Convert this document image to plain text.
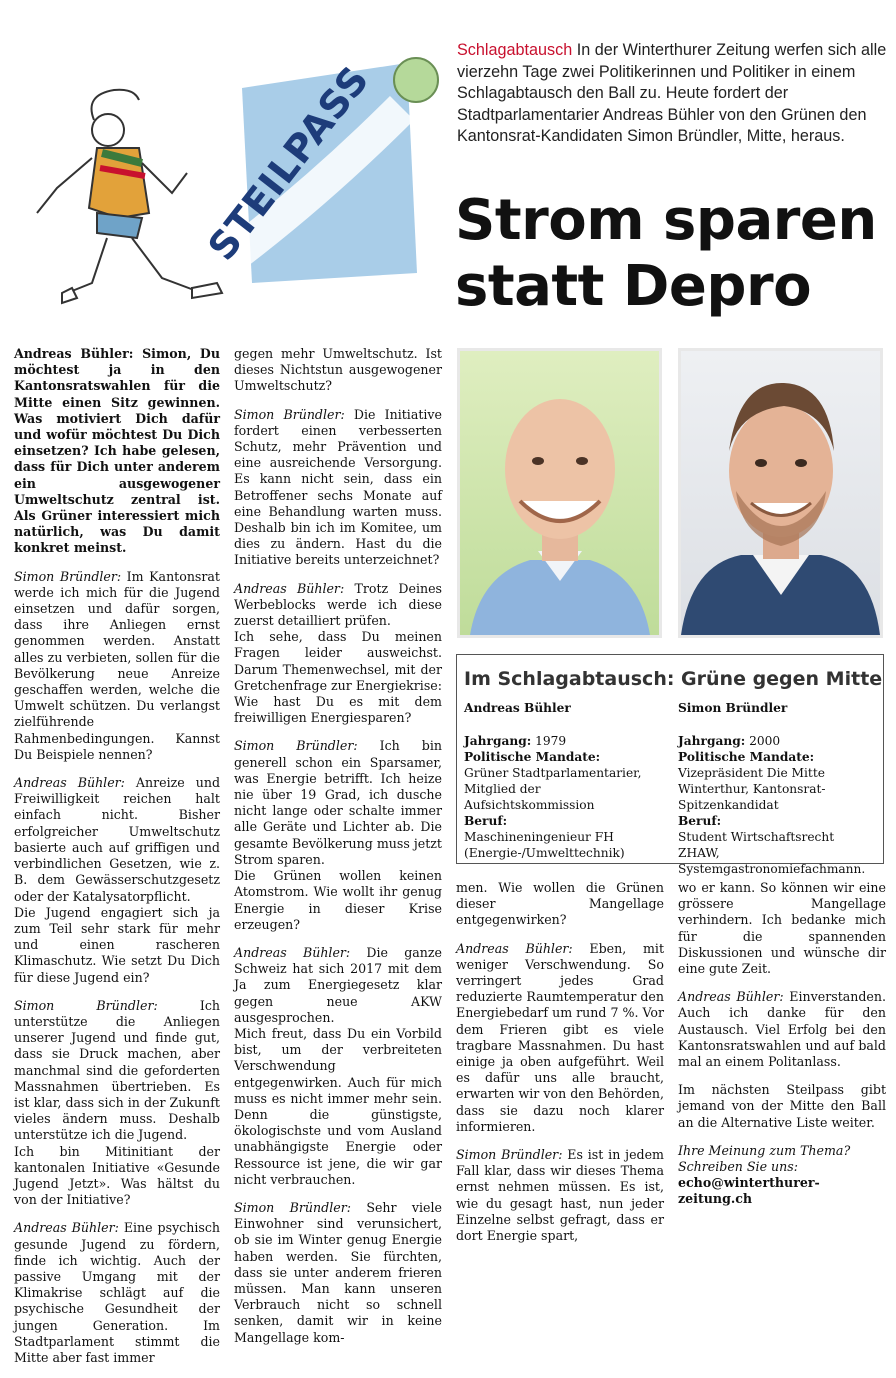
STEILPASS
Schlagabtausch In der Winterthurer Zeitung werfen sich alle vierzehn Tage zwei Politikerinnen und Politiker in einem Schlagabtausch den Ball zu. Heute fordert der Stadtparlamentarier Andreas Bühler von den Grünen den Kantonsrat-Kandidaten Simon Bründler, Mitte, heraus.
Strom sparen
statt Depro

Andreas Bühler: Simon, Du möchtest ja in den Kantonsratswahlen für die Mitte einen Sitz gewinnen. Was motiviert Dich dafür und wofür möchtest Du Dich einsetzen? Ich habe gelesen, dass für Dich unter anderem ein ausgewogener Umweltschutz zentral ist. Als Grüner interessiert mich natürlich, was Du damit konkret meinst.

Simon Bründler: Im Kantonsrat werde ich mich für die Jugend einsetzen und dafür sorgen, dass ihre Anliegen ernst genommen werden. Anstatt alles zu verbieten, sollen für die Bevölkerung neue Anreize geschaffen werden, welche die Umwelt schützen. Du verlangst zielführende Rahmenbedingungen. Kannst Du Beispiele nennen?

Andreas Bühler: Anreize und Freiwilligkeit reichen halt einfach nicht. Bisher erfolgreicher Umweltschutz basierte auch auf griffigen und verbindlichen Gesetzen, wie z. B. dem Gewässerschutzgesetz oder der Katalysatorpflicht.
Die Jugend engagiert sich ja zum Teil sehr stark für mehr und einen rascheren Klimaschutz. Wie setzt Du Dich für diese Jugend ein?

Simon Bründler: Ich unterstütze die Anliegen unserer Jugend und finde gut, dass sie Druck machen, aber manchmal sind die geforderten Massnahmen übertrieben. Es ist klar, dass sich in der Zukunft vieles ändern muss. Deshalb unterstütze ich die Jugend.
Ich bin Mitinitiant der kantonalen Initiative «Gesunde Jugend Jetzt». Was hältst du von der Initiative?

Andreas Bühler: Eine psychisch gesunde Jugend zu fördern, finde ich wichtig. Auch der passive Umgang mit der Klimakrise schlägt auf die psychische Gesundheit der jungen Generation. Im Stadtparlament stimmt die Mitte aber fast immer

gegen mehr Umweltschutz. Ist dieses Nichtstun ausgewogener Umweltschutz?

Simon Bründler: Die Initiative fordert einen verbesserten Schutz, mehr Prävention und eine ausreichende Versorgung. Es kann nicht sein, dass ein Betroffener sechs Monate auf eine Behandlung warten muss. Deshalb bin ich im Komitee, um dies zu ändern. Hast du die Initiative bereits unterzeichnet?

Andreas Bühler: Trotz Deines Werbeblocks werde ich diese zuerst detailliert prüfen.
Ich sehe, dass Du meinen Fragen leider ausweichst. Darum Themenwechsel, mit der Gretchenfrage zur Energiekrise: Wie hast Du es mit dem freiwilligen Energiesparen?

Simon Bründler: Ich bin generell schon ein Sparsamer, was Energie betrifft. Ich heize nie über 19 Grad, ich dusche nicht lange oder schalte immer alle Geräte und Lichter ab. Die gesamte Bevölkerung muss jetzt Strom sparen.
Die Grünen wollen keinen Atomstrom. Wie wollt ihr genug Energie in dieser Krise erzeugen?

Andreas Bühler: Die ganze Schweiz hat sich 2017 mit dem Ja zum Energiegesetz klar gegen neue AKW ausgesprochen.
Mich freut, dass Du ein Vorbild bist, um der verbreiteten Verschwendung entgegenwirken. Auch für mich muss es nicht immer mehr sein. Denn die günstigste, ökologischste und vom Ausland unabhängigste Energie oder Ressource ist jene, die wir gar nicht verbrauchen.

Simon Bründler: Sehr viele Einwohner sind verunsichert, ob sie im Winter genug Energie haben werden. Sie fürchten, dass sie unter anderem frieren müssen. Man kann unseren Verbrauch nicht so schnell senken, damit wir in keine Mangellage kom-

men. Wie wollen die Grünen dieser Mangellage entgegenwirken?

Andreas Bühler: Eben, mit weniger Verschwendung. So verringert jedes Grad reduzierte Raumtemperatur den Energiebedarf um rund 7 %. Vor dem Frieren gibt es viele tragbare Massnahmen. Du hast einige ja oben aufgeführt. Weil es dafür uns alle braucht, erwarten wir von den Behörden, dass sie dazu noch klarer informieren.

Simon Bründler: Es ist in jedem Fall klar, dass wir dieses Thema ernst nehmen müssen. Es ist, wie du gesagt hast, nun jeder Einzelne selbst gefragt, dass er dort Energie spart,

wo er kann. So können wir eine grössere Mangellage verhindern. Ich bedanke mich für die spannenden Diskussionen und wünsche dir eine gute Zeit.

Andreas Bühler: Einverstanden. Auch ich danke für den Austausch. Viel Erfolg bei den Kantonsratswahlen und auf bald mal an einem Politanlass.

Im nächsten Steilpass gibt jemand von der Mitte den Ball an die Alternative Liste weiter.

Ihre Meinung zum Thema?
Schreiben Sie uns:
echo@winterthurer-zeitung.ch
Im Schlagabtausch: Grüne gegen Mitte
Andreas Bühler
Jahrgang: 1979
Politische Mandate:
Grüner Stadtparlamentarier, Mitglied der Aufsichtskommission
Beruf:
Maschineningenieur FH (Energie-/Umwelttechnik)
Simon Bründler
Jahrgang: 2000
Politische Mandate:
Vizepräsident Die Mitte Winterthur, Kantonsrat-Spitzenkandidat
Beruf:
Student Wirtschaftsrecht ZHAW, Systemgastronomiefachmann.
